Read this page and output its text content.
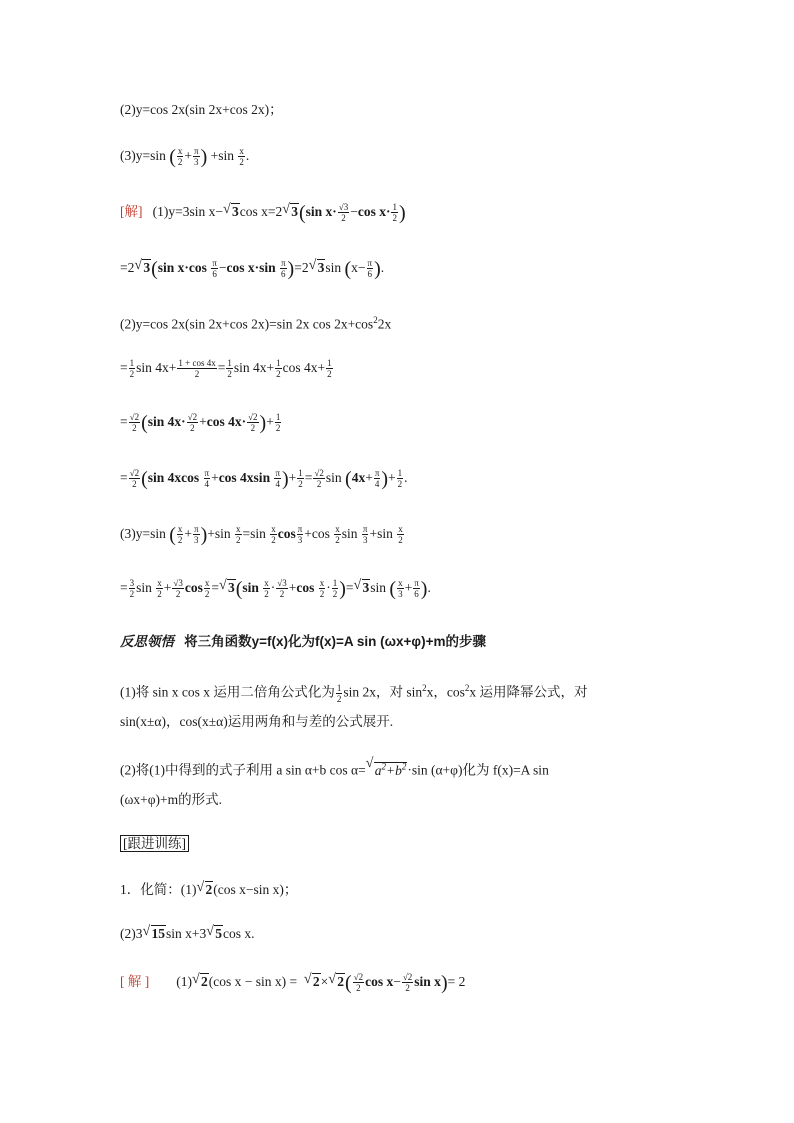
(2)y=cos 2x(sin 2x+cos 2x)；
(3)y=sin ( $\frac{x}{2} + \frac{\pi}{3}$ ) $+\sin \frac{x}{2}$ .
[解] (1)y=3sin x−√ 3cos x=2√ 3(sin $x\cdot \frac{√3}{2} -\cos$ $x\cdot \frac{1}{2}$ )
=2√ 3(sin $x\cdot\cos \frac{\pi}{6} -\cos$ $x\cdot\sin \frac{\pi}{6} )=2√$ 3sin ($x- \frac{\pi}{6}$ ).
(2)y=cos 2x(sin 2x+cos 2x)=sin 2x $\cos 2x+\cos^22x$
= $\frac{1}{2}$ $\sin 4x+ \frac{1 + \cos 4x}{2} = \frac{1}{2}$ $\sin 4x+ \frac{1}{2}$ $\cos 4x+ \frac{1}{2}$
= $\frac{√2}{2} (\sin$ $4x\cdot \frac{√2}{2} +\cos$ $4x\cdot \frac{√2}{2}$ )+ $\frac{1}{2}$
= $\frac{√2}{2} (\sin$ $4xcos \frac{\pi}{4} +\cos$ $4xsin \frac{\pi}{4}$ )+ $\frac{1}{2} = \frac{√2}{2}$ $\sin (4x+ \frac{\pi}{4}$ )+ $\frac{1}{2}$ .
(3)y=sin ( $\frac{x}{2} + \frac{\pi}{3} )+\sin \frac{x}{2} =\sin \frac{x}{2}$ $\cos \frac{\pi}{3} +\cos \frac{x}{2}$ $\sin \frac{\pi}{3} +\sin \frac{x}{2}$
= $\frac{3}{2}$ $\sin \frac{x}{2} + \frac{√3}{2}$ $\cos \frac{x}{2}$ =√ $3(\sin \frac{x}{2} \cdot \frac{√3}{2} +\cos \frac{x}{2} \cdot \frac{1}{2}$ )=√ 3sin ( $\frac{x}{3} + \frac{\pi}{6}$ ).
反思领悟 将三角函数y=f(x)化为f(x)=A sin (ωx+φ)+m的步骤
(1)将 sin x cos x 运用二倍角公式化为 $\frac{1}{2}$ sin 2x，对 $\sin^2x$，$\cos^2x$ 运用降幂公式，对
sin(x±α)，cos(x±α)运用两角和与差的公式展开.
(2)将(1)中得到的式子利用 a sin α+b cos α=√ $a^2+b^2\cdot\sin$ (α+φ)化为 f(x)=A sin
(ωx+φ)+m的形式.
[跟进训练]
1．化简：(1)√ 2(cos x−sin x)；
(2)3√ 15sin x+3√ 5cos x.
[ 解 ] (1)√ 2(cos x − sin x) =  √ 2×√ $2( \frac{√2}{2}$ $\cos x- \frac{√2}{2}$ sin x)= 2
